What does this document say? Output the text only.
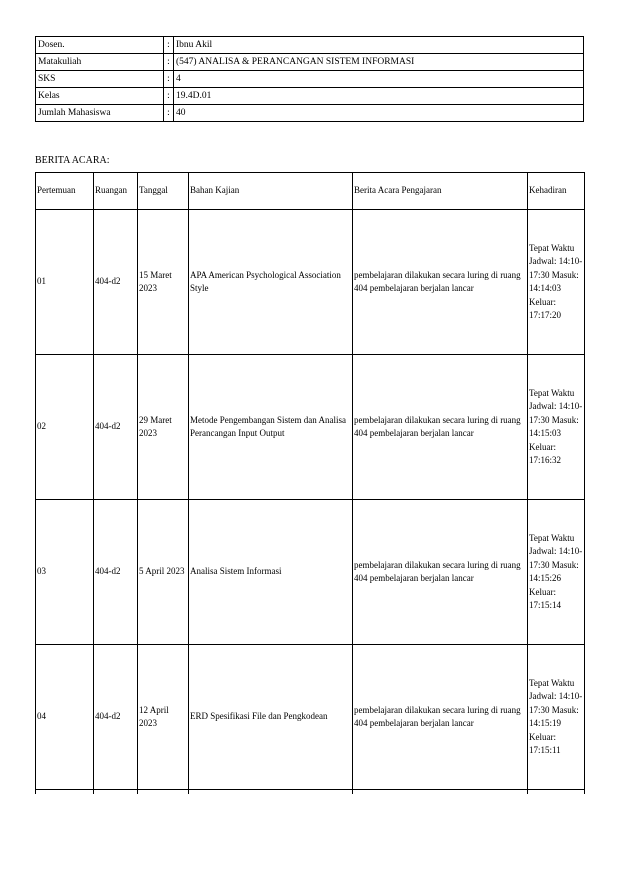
Dosen.	:	Ibnu Akil
Matakuliah	:	(547) ANALISA & PERANCANGAN SISTEM INFORMASI
SKS	:	4
Kelas	:	19.4D.01
Jumlah Mahasiswa	:	40
BERITA ACARA:
Pertemuan	Ruangan	Tanggal	Bahan Kajian	Berita Acara Pengajaran	Kehadiran
01	404-d2	15 Maret 2023	APA American Psychological Association Style	pembelajaran dilakukan secara luring di ruang 404 pembelajaran berjalan lancar	Tepat Waktu Jadwal: 14:10-17:30 Masuk: 14:14:03 Keluar: 17:17:20
02	404-d2	29 Maret 2023	Metode Pengembangan Sistem dan Analisa Perancangan Input Output	pembelajaran dilakukan secara luring di ruang 404 pembelajaran berjalan lancar	Tepat Waktu Jadwal: 14:10-17:30 Masuk: 14:15:03 Keluar: 17:16:32
03	404-d2	5 April 2023	Analisa Sistem Informasi	pembelajaran dilakukan secara luring di ruang 404 pembelajaran berjalan lancar	Tepat Waktu Jadwal: 14:10-17:30 Masuk: 14:15:26 Keluar: 17:15:14
04	404-d2	12 April 2023	ERD Spesifikasi File dan Pengkodean	pembelajaran dilakukan secara luring di ruang 404 pembelajaran berjalan lancar	Tepat Waktu Jadwal: 14:10-17:30 Masuk: 14:15:19 Keluar: 17:15:11
